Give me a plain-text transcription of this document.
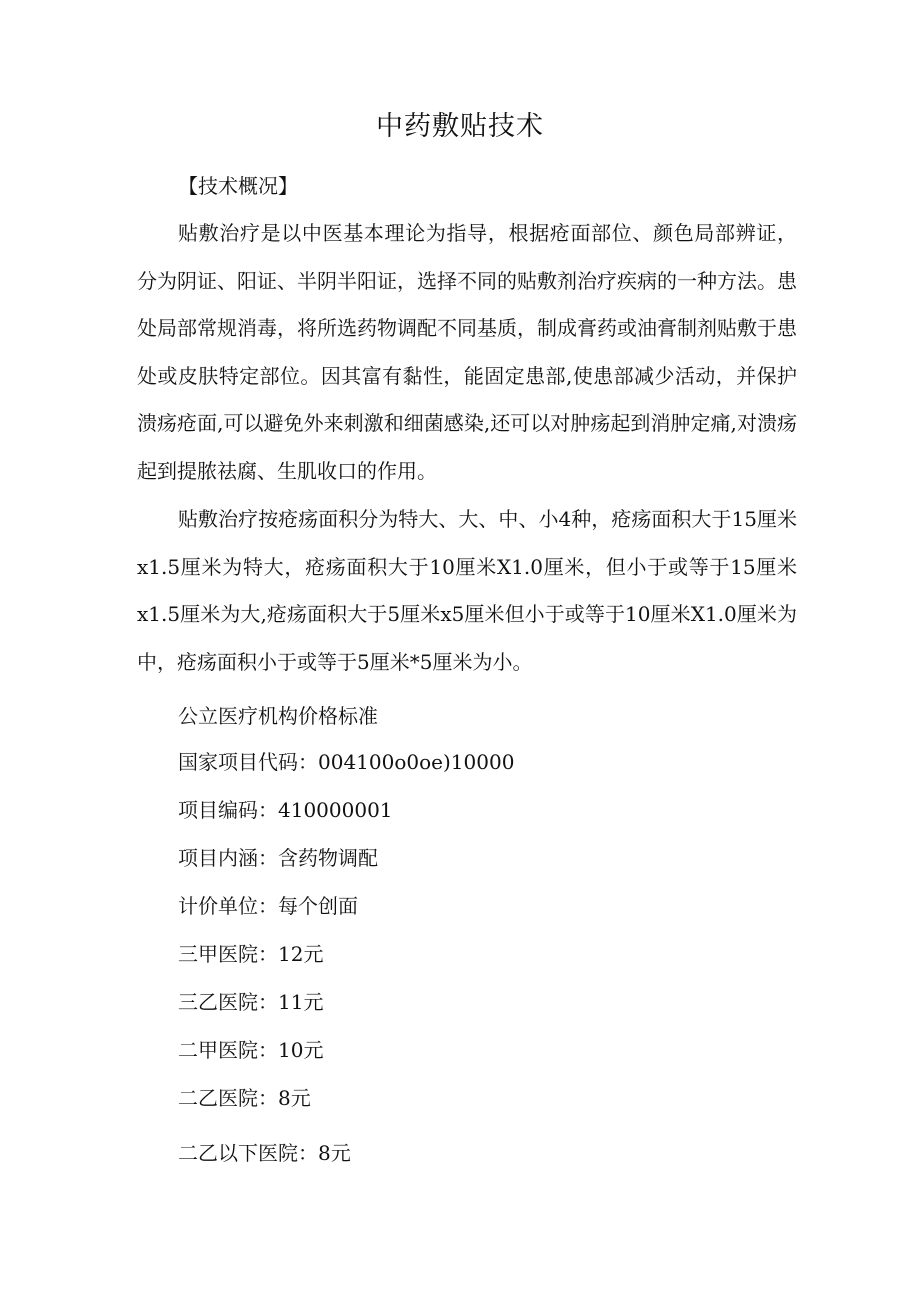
中药敷贴技术
【技术概况】

贴敷治疗是以中医基本理论为指导，根据疮面部位、颜色局部辨证，分为阴证、阳证、半阴半阳证，选择不同的贴敷剂治疗疾病的一种方法。患处局部常规消毒，将所选药物调配不同基质，制成膏药或油膏制剂贴敷于患处或皮肤特定部位。因其富有黏性，能固定患部,使患部减少活动，并保护溃疡疮面,可以避免外来刺激和细菌感染,还可以对肿疡起到消肿定痛,对溃疡起到提脓祛腐、生肌收口的作用。

贴敷治疗按疮疡面积分为特大、大、中、小4种，疮疡面积大于15厘米x1.5厘米为特大，疮疡面积大于10厘米X1.0厘米，但小于或等于15厘米x1.5厘米为大,疮疡面积大于5厘米x5厘米但小于或等于10厘米X1.0厘米为中，疮疡面积小于或等于5厘米*5厘米为小。

公立医疗机构价格标准
国家项目代码：004100o0oe)10000
项目编码：410000001
项目内涵：含药物调配
计价单位：每个创面
三甲医院：12元
三乙医院：11元
二甲医院：10元
二乙医院：8元
二乙以下医院：8元
